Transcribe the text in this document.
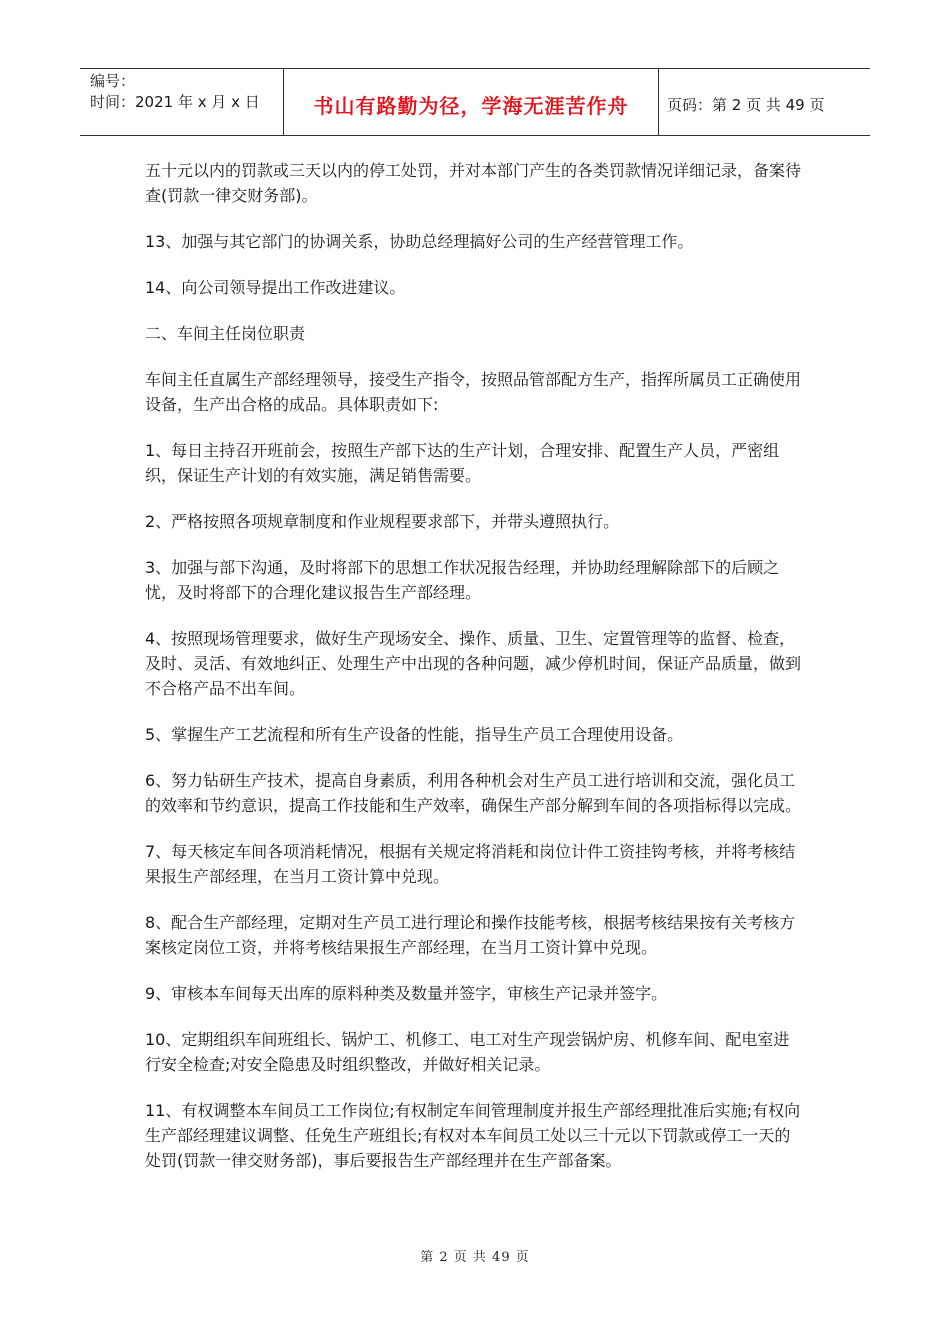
编号：
时间：2021 年 x 月 x 日	书山有路勤为径，学海无涯苦作舟	页码：第 2 页 共 49 页

五十元以内的罚款或三天以内的停工处罚，并对本部门产生的各类罚款情况详细记录，备案待查(罚款一律交财务部)。

13、加强与其它部门的协调关系，协助总经理搞好公司的生产经营管理工作。

14、向公司领导提出工作改进建议。

二、车间主任岗位职责

车间主任直属生产部经理领导，接受生产指令，按照品管部配方生产，指挥所属员工正确使用设备，生产出合格的成品。具体职责如下:

1、每日主持召开班前会，按照生产部下达的生产计划，合理安排、配置生产人员，严密组织，保证生产计划的有效实施，满足销售需要。

2、严格按照各项规章制度和作业规程要求部下，并带头遵照执行。

3、加强与部下沟通，及时将部下的思想工作状况报告经理，并协助经理解除部下的后顾之忧，及时将部下的合理化建议报告生产部经理。

4、按照现场管理要求，做好生产现场安全、操作、质量、卫生、定置管理等的监督、检查，及时、灵活、有效地纠正、处理生产中出现的各种问题，减少停机时间，保证产品质量，做到不合格产品不出车间。

5、掌握生产工艺流程和所有生产设备的性能，指导生产员工合理使用设备。

6、努力钻研生产技术，提高自身素质，利用各种机会对生产员工进行培训和交流，强化员工的效率和节约意识，提高工作技能和生产效率，确保生产部分解到车间的各项指标得以完成。

7、每天核定车间各项消耗情况，根据有关规定将消耗和岗位计件工资挂钩考核，并将考核结果报生产部经理，在当月工资计算中兑现。

8、配合生产部经理，定期对生产员工进行理论和操作技能考核，根据考核结果按有关考核方案核定岗位工资，并将考核结果报生产部经理，在当月工资计算中兑现。

9、审核本车间每天出库的原料种类及数量并签字，审核生产记录并签字。

10、定期组织车间班组长、锅炉工、机修工、电工对生产现尝锅炉房、机修车间、配电室进行安全检查;对安全隐患及时组织整改，并做好相关记录。

11、有权调整本车间员工工作岗位;有权制定车间管理制度并报生产部经理批准后实施;有权向生产部经理建议调整、任免生产班组长;有权对本车间员工处以三十元以下罚款或停工一天的处罚(罚款一律交财务部)，事后要报告生产部经理并在生产部备案。

第 2 页 共 49 页
